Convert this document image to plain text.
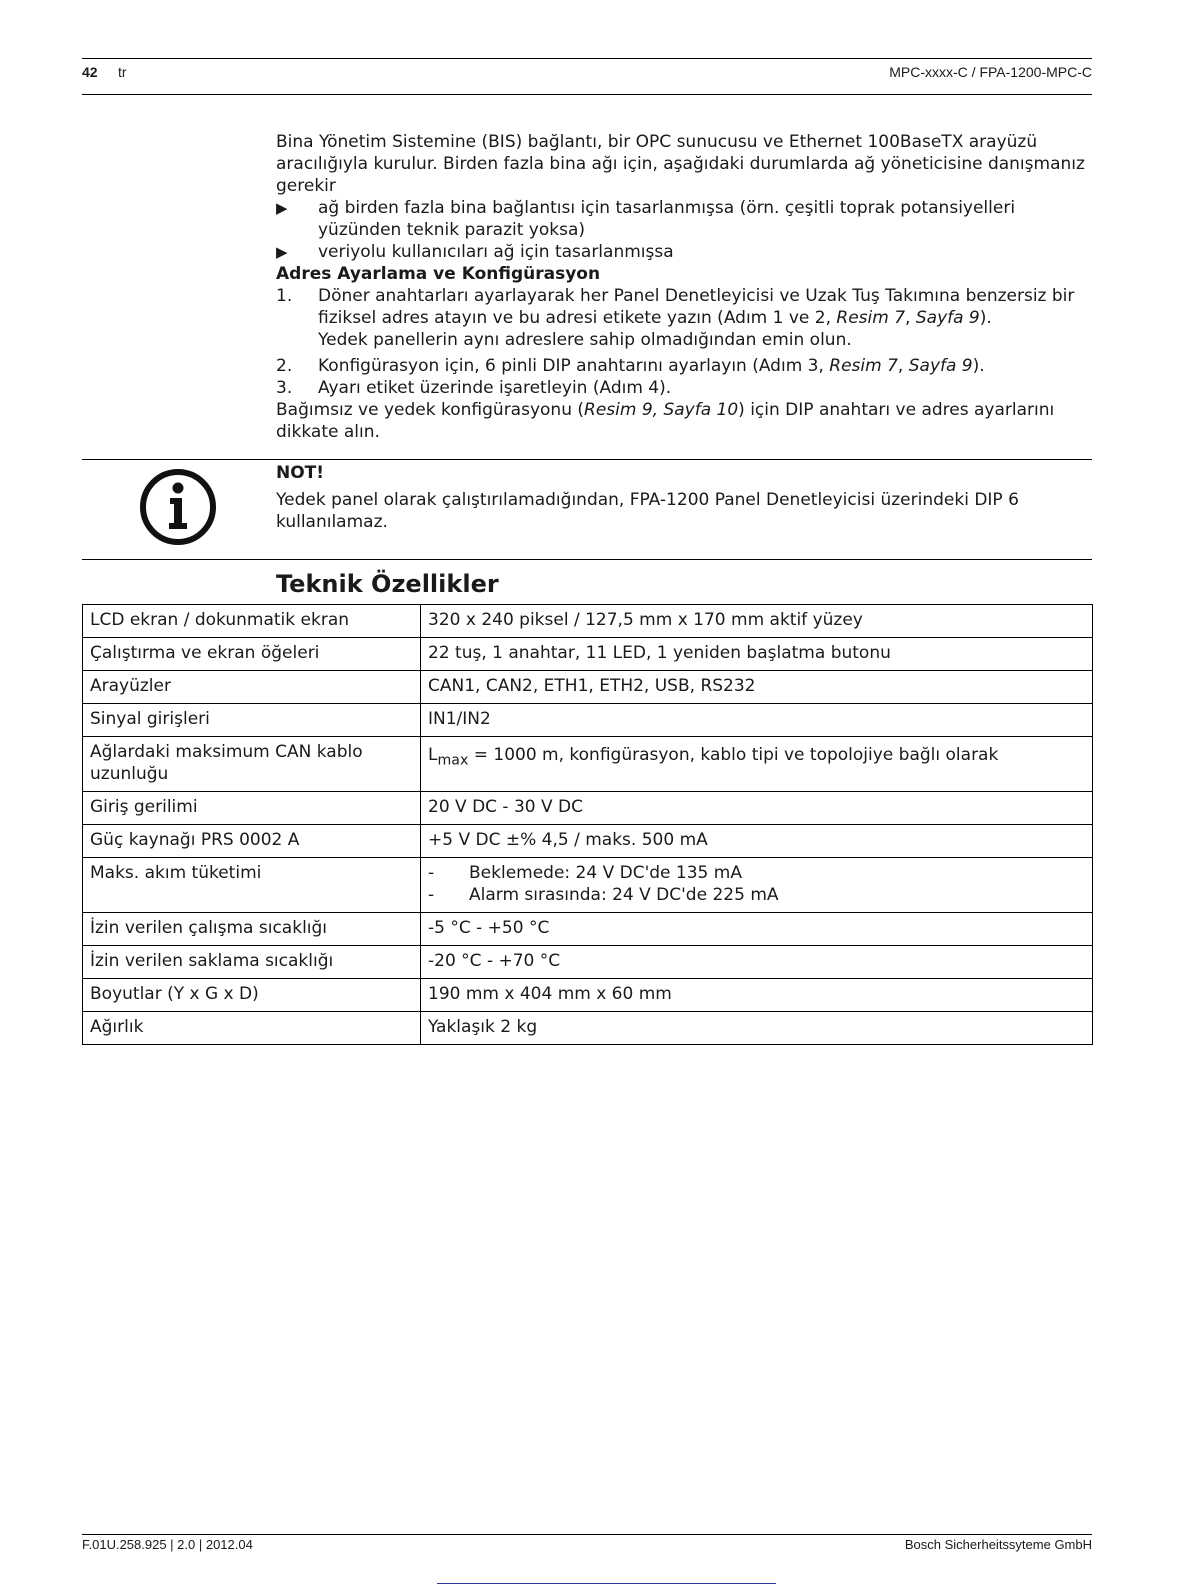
42 tr	MPC-xxxx-C / FPA-1200-MPC-C

Bina Yönetim Sistemine (BIS) bağlantı, bir OPC sunucusu ve Ethernet 100BaseTX arayüzü aracılığıyla kurulur. Birden fazla bina ağı için, aşağıdaki durumlarda ağ yöneticisine danışmanız gerekir

▶	ağ birden fazla bina bağlantısı için tasarlanmışsa (örn. çeşitli toprak potansiyelleri yüzünden teknik parazit yoksa)
▶	veriyolu kullanıcıları ağ için tasarlanmışsa

Adres Ayarlama ve Konfigürasyon

1.	Döner anahtarları ayarlayarak her Panel Denetleyicisi ve Uzak Tuş Takımına benzersiz bir fiziksel adres atayın ve bu adresi etikete yazın (Adım 1 ve 2, Resim 7, Sayfa 9).
Yedek panellerin aynı adreslere sahip olmadığından emin olun.
2.	Konfigürasyon için, 6 pinli DIP anahtarını ayarlayın (Adım 3, Resim 7, Sayfa 9).
3.	Ayarı etiket üzerinde işaretleyin (Adım 4).

Bağımsız ve yedek konfigürasyonu (Resim 9, Sayfa 10) için DIP anahtarı ve adres ayarlarını dikkate alın.

NOT!
Yedek panel olarak çalıştırılamadığından, FPA-1200 Panel Denetleyicisi üzerindeki DIP 6 kullanılamaz.
Teknik Özellikler
LCD ekran / dokunmatik ekran	320 x 240 piksel / 127,5 mm x 170 mm aktif yüzey
Çalıştırma ve ekran öğeleri	22 tuş, 1 anahtar, 11 LED, 1 yeniden başlatma butonu
Arayüzler	CAN1, CAN2, ETH1, ETH2, USB, RS232
Sinyal girişleri	IN1/IN2
Ağlardaki maksimum CAN kablo uzunluğu	$L_{max} = 1000$ m, konfigürasyon, kablo tipi ve topolojiye bağlı olarak
Giriş gerilimi	20 V DC - 30 V DC
Güç kaynağı PRS 0002 A	+5 V DC ±% 4,5 / maks. 500 mA
Maks. akım tüketimi	- Beklemede: 24 V DC'de 135 mA
- Alarm sırasında: 24 V DC'de 225 mA

İzin verilen çalışma sıcaklığı	-5 °C - +50 °C
İzin verilen saklama sıcaklığı	-20 °C - +70 °C
Boyutlar (Y x G x D)	190 mm x 404 mm x 60 mm
Ağırlık	Yaklaşık 2 kg
F.01U.258.925 | 2.0 | 2012.04	Bosch Sicherheitssyteme GmbH
